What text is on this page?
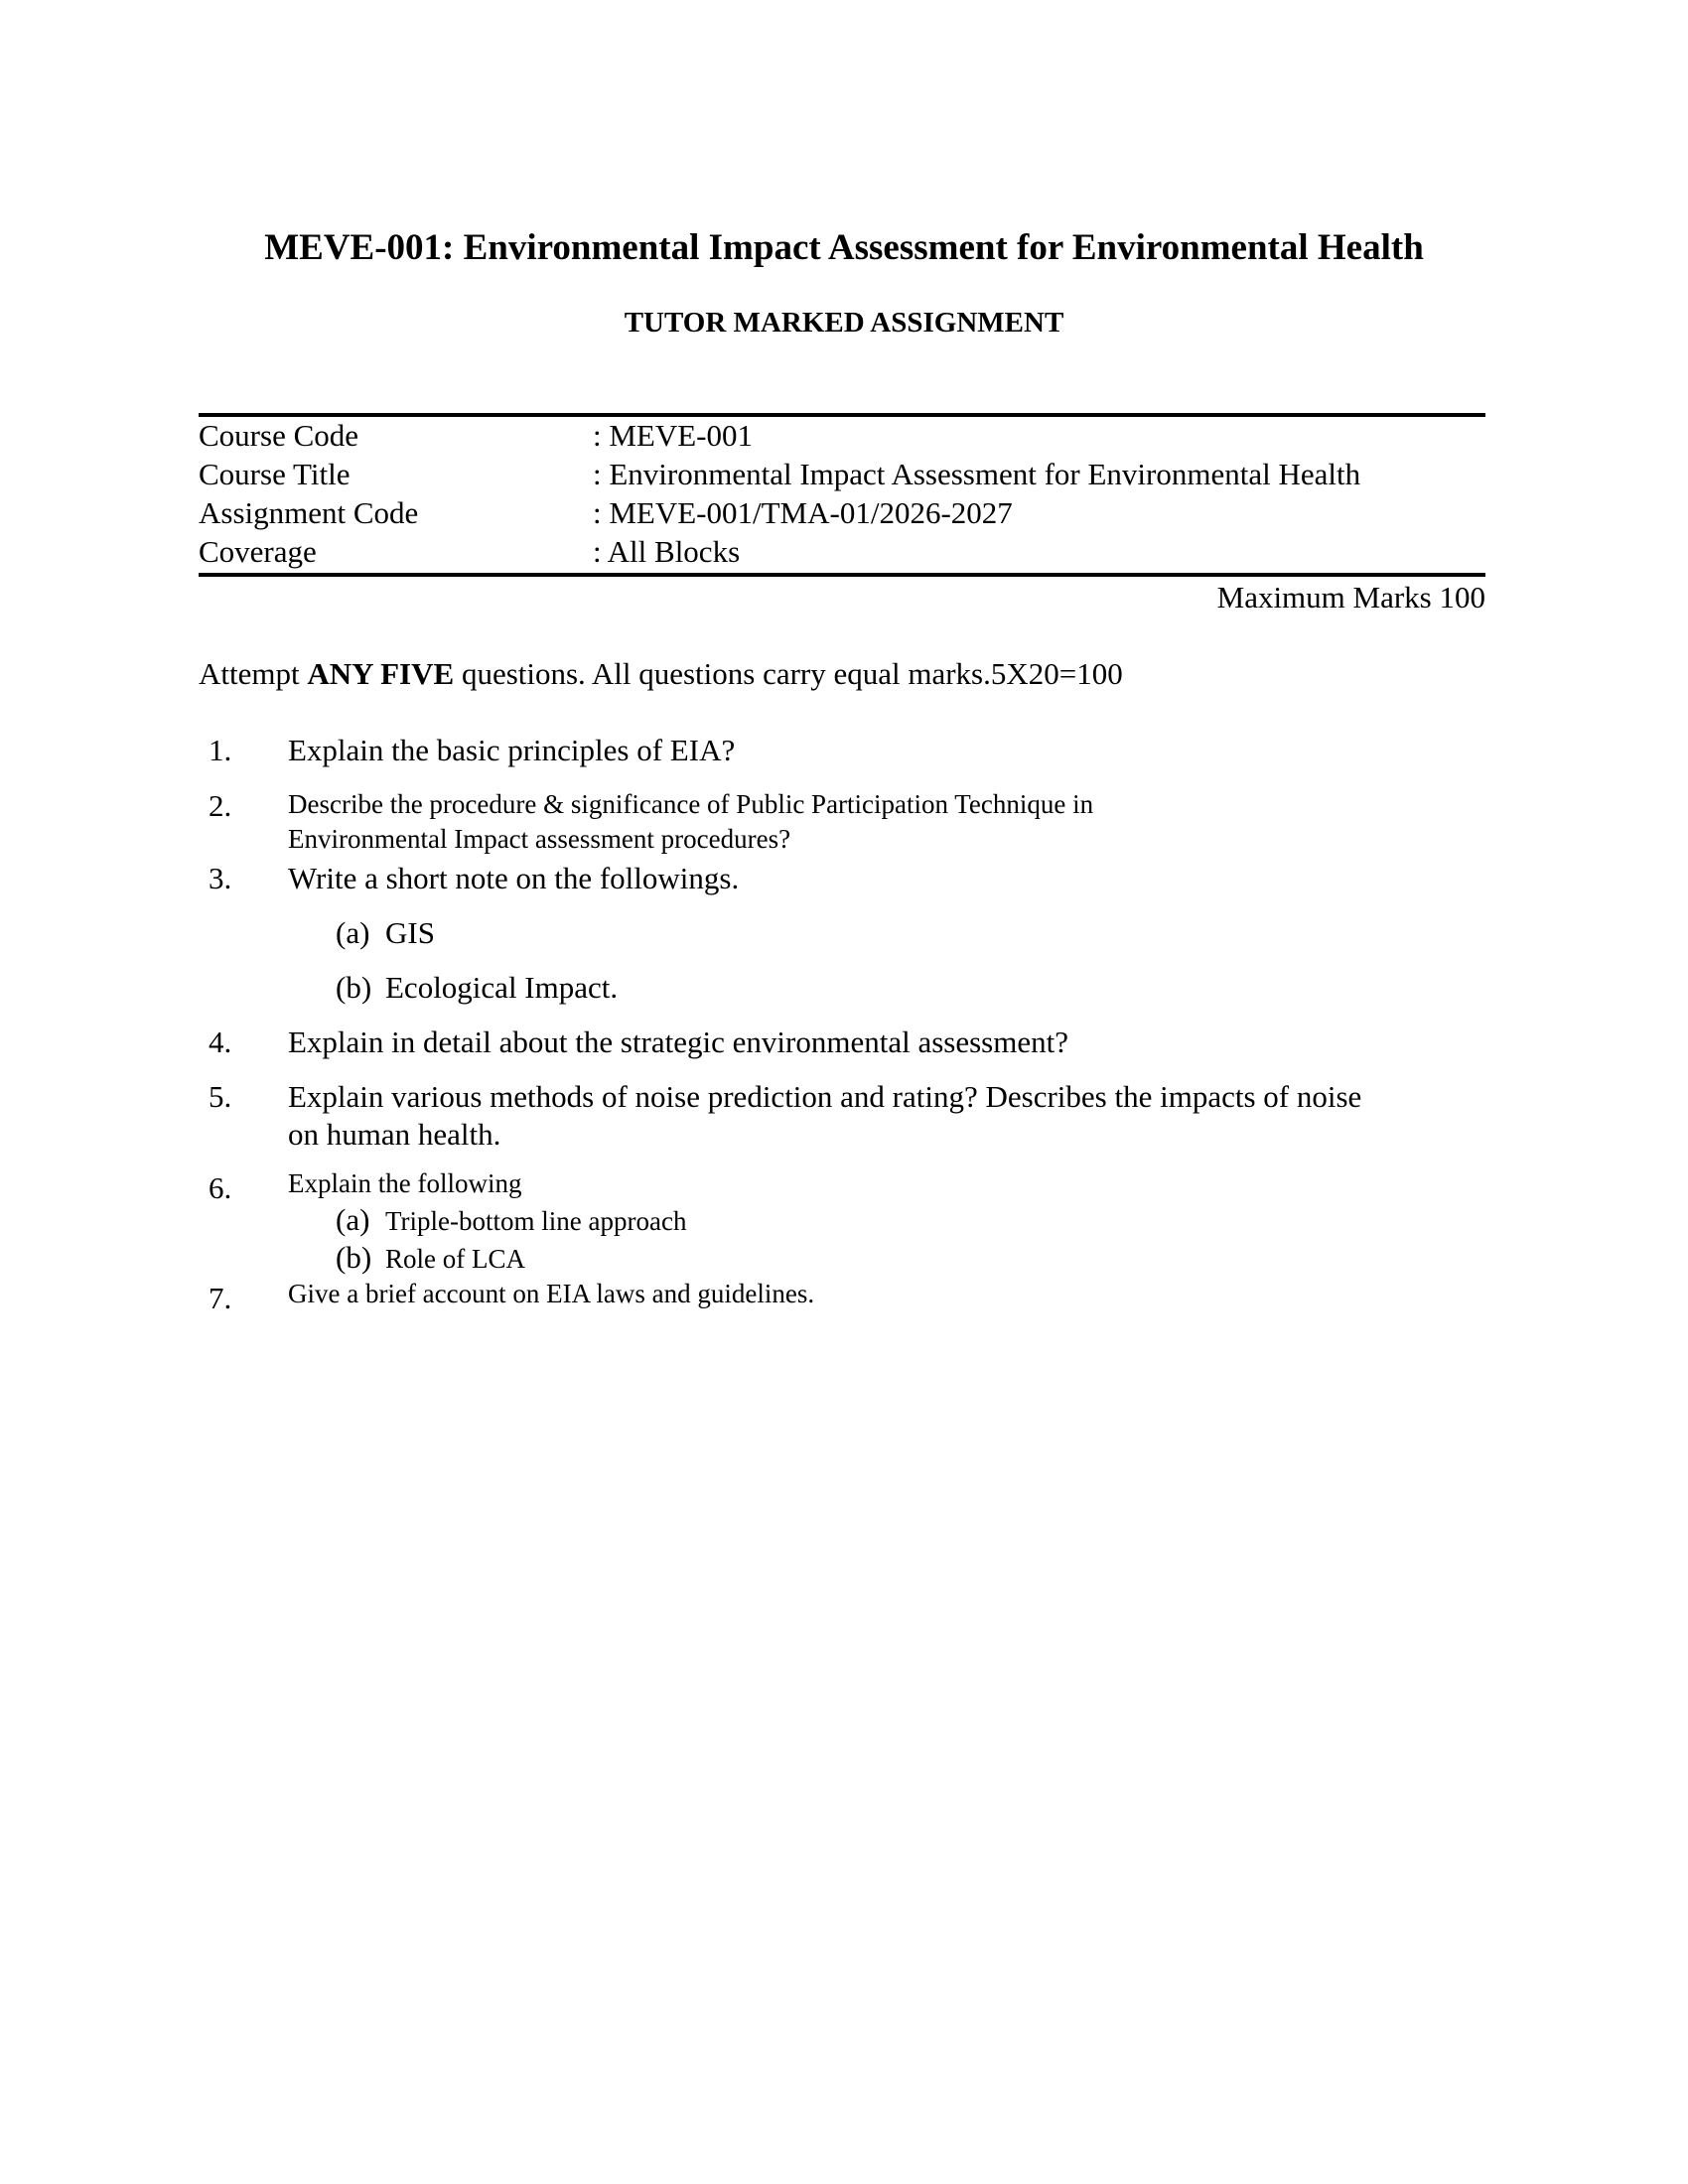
MEVE-001: Environmental Impact Assessment for Environmental Health
TUTOR MARKED ASSIGNMENT
Course Code	: MEVE-001
Course Title	: Environmental Impact Assessment for Environmental Health
Assignment Code	: MEVE-001/TMA-01/2026-2027
Coverage	: All Blocks
Maximum Marks 100
Attempt ANY FIVE questions. All questions carry equal marks.5X20=100
1. Explain the basic principles of EIA?
2. Describe the procedure & significance of Public Participation Technique in Environmental Impact assessment procedures?
3. Write a short note on the followings.
(a) GIS
(b) Ecological Impact.
4. Explain in detail about the strategic environmental assessment?
5. Explain various methods of noise prediction and rating? Describes the impacts of noise on human health.
6. Explain the following
(a) Triple-bottom line approach
(b) Role of LCA
7. Give a brief account on EIA laws and guidelines.
